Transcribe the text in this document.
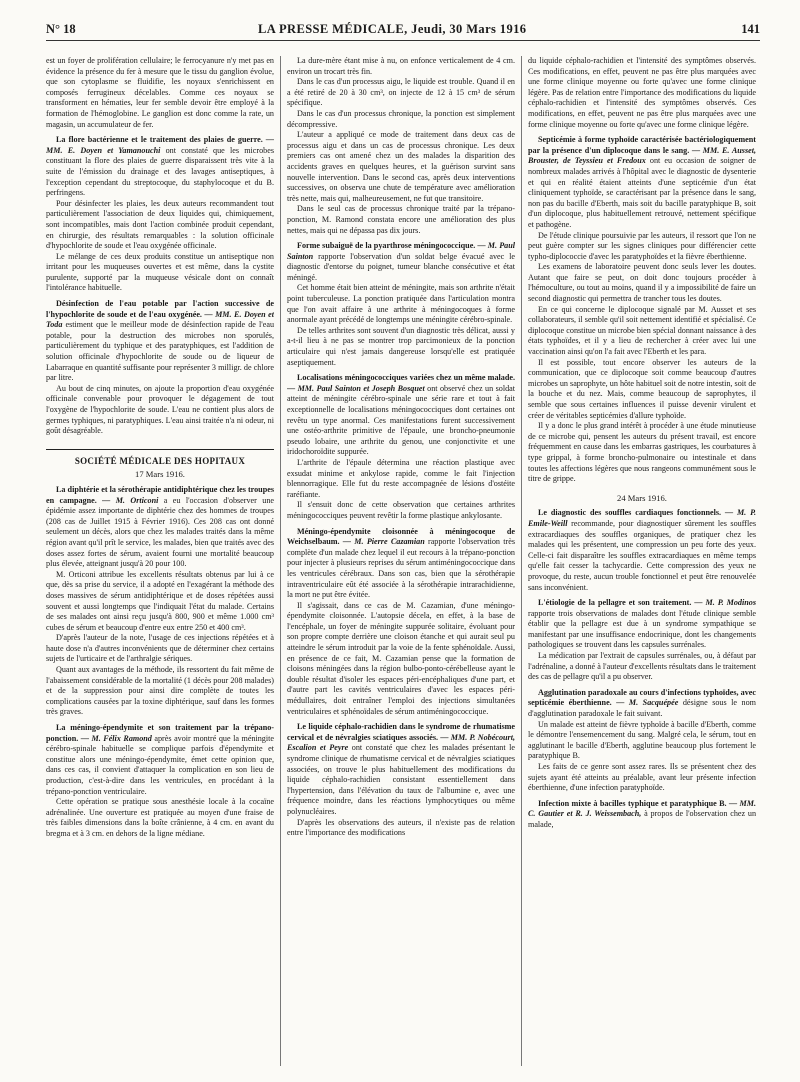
N° 18	LA PRESSE MÉDICALE, Jeudi, 30 Mars 1916	141

est un foyer de prolifération cellulaire; le ferrocyanure n'y met pas en évidence la présence du fer à mesure que le tissu du ganglion évolue, que son cytoplasme se fluidifie, les noyaux s'enrichissent en composés ferrugineux décelables. Comme ces noyaux se transforment en hématies, leur fer semble devoir être employé à la formation de l'hémoglobine. Le ganglion est donc comme la rate, un magasin, un accumulateur de fer.

La flore bactérienne et le traitement des plaies de guerre. — MM. E. Doyen et Yamanouchi ont constaté que les microbes constituant la flore des plaies de guerre disparaissent très vite à la suite de l'émission du drainage et des lavages antiseptiques, à l'exception cependant du streptocoque, du staphylocoque et du B. perfringens.

Pour désinfecter les plaies, les deux auteurs recommandent tout particulièrement l'association de deux liquides qui, chimiquement, sont incompatibles, mais dont l'action combinée produit cependant, en chirurgie, des résultats remarquables : la solution officinale d'hypochlorite de soude et l'eau oxygénée officinale.

Le mélange de ces deux produits constitue un antiseptique non irritant pour les muqueuses ouvertes et est même, dans la cystite purulente, supporté par la muqueuse vésicale dont on connaît l'intolérance habituelle.

Désinfection de l'eau potable par l'action successive de l'hypochlorite de soude et de l'eau oxygénée. — MM. E. Doyen et Toda estiment que le meilleur mode de désinfection rapide de l'eau potable, pour la destruction des microbes non sporulés, particulièrement du typhique et des paratyphiques, est l'addition de solution officinale d'hypochlorite de soude ou de liqueur de Labarraque en quantité suffisante pour représenter 3 milligr. de chlore par litre.

Au bout de cinq minutes, on ajoute la proportion d'eau oxygénée officinale convenable pour provoquer le dégagement de tout l'oxygène de l'hypochlorite de soude. L'eau ne contient plus alors de germes typhiques, ni paratyphiques. L'eau ainsi traitée n'a ni odeur, ni goût désagréable.

SOCIÉTÉ MÉDICALE DES HOPITAUX
17 Mars 1916.

La diphtérie et la sérothérapie antidiphtérique chez les troupes en campagne. — M. Orticoni a eu l'occasion d'observer une épidémie assez importante de diphtérie chez des hommes de troupes (208 cas de Juillet 1915 à Février 1916). Ces 208 cas ont donné seulement un décès, alors que chez les malades traités dans la même région avant qu'il prît le service, les malades, bien que traités avec des doses assez fortes de sérum, avaient fourni une mortalité beaucoup plus élevée, atteignant jusqu'à 20 pour 100.

M. Orticoni attribue les excellents résultats obtenus par lui à ce que, dès sa prise du service, il a adopté en l'exagérant la méthode des doses massives de sérum antidiphtérique et de doses répétées aussi souvent et aussi longtemps que l'indiquait l'état du malade. Certains de ses malades ont ainsi reçu jusqu'à 800, 900 et même 1.000 cm³ cubes de sérum et beaucoup d'entre eux entre 250 et 400 cm³.

D'après l'auteur de la note, l'usage de ces injections répétées et à haute dose n'a d'autres inconvénients que de déterminer chez certains sujets de l'urticaire et de l'arthralgie sériques.

Quant aux avantages de la méthode, ils ressortent du fait même de l'abaissement considérable de la mortalité (1 décès pour 208 malades) et de la suppression pour ainsi dire complète de toutes les complications causées par la toxine diphtérique, sauf dans les formes très graves.

La méningo-épendymite et son traitement par la trépano-ponction. — M. Félix Ramond après avoir montré que la méningite cérébro-spinale habituelle se complique parfois d'épendymite et constitue alors une méningo-épendymite, émet cette opinion que, dans ces cas, il convient d'attaquer la complication en son lieu de production, c'est-à-dire dans les ventricules, en procédant à la trépano-ponction ventriculaire.

Cette opération se pratique sous anesthésie locale à la cocaïne adrénalinée. Une ouverture est pratiquée au moyen d'une fraise de très faibles dimensions dans la boîte crânienne, à 4 cm. en avant du bregma et à 3 cm. en dehors de la ligne médiane.

La dure-mère étant mise à nu, on enfonce verticalement de 4 cm. environ un trocart très fin.

Dans le cas d'un processus aigu, le liquide est trouble. Quand il en a été retiré de 20 à 30 cm³, on injecte de 12 à 15 cm³ de sérum spécifique.

Dans le cas d'un processus chronique, la ponction est simplement décompressive.

L'auteur a appliqué ce mode de traitement dans deux cas de processus aigu et dans un cas de processus chronique. Les deux premiers cas ont amené chez un des malades la disparition des accidents graves en quelques heures, et la guérison survint sans nouvelle intervention. Dans le second cas, après deux interventions successives, on observa une chute de température avec amélioration très nette, mais qui, malheureusement, ne fut que transitoire.

Dans le seul cas de processus chronique traité par la trépano-ponction, M. Ramond constata encore une amélioration des plus nettes, mais qui ne dépassa pas dix jours.

Forme subaiguë de la pyarthrose méningococcique. — M. Paul Sainton rapporte l'observation d'un soldat belge évacué avec le diagnostic d'entorse du poignet, tumeur blanche consécutive et état méningé.

Cet homme était bien atteint de méningite, mais son arthrite n'était point tuberculeuse. La ponction pratiquée dans l'articulation montra que l'on avait affaire à une arthrite à méningocoques à forme anormale ayant précédé de longtemps une méningite cérébro-spinale.

De telles arthrites sont souvent d'un diagnostic très délicat, aussi y a-t-il lieu à ne pas se montrer trop parcimonieux de la ponction articulaire qui n'est jamais dangereuse lorsqu'elle est pratiquée aseptiquement.

Localisations méningococciques variées chez un même malade. — MM. Paul Sainton et Joseph Bosquet ont observé chez un soldat atteint de méningite cérébro-spinale une série rare et tout à fait exceptionnelle de localisations méningococciques dont certaines ont revêtu un type anormal. Ces manifestations furent successivement une ostéo-arthrite primitive de l'épaule, une broncho-pneumonie pseudo lobaire, une arthrite du genou, une conjonctivite et une iridochoroïdite suppurée.

L'arthrite de l'épaule détermina une réaction plastique avec exsudat minime et ankylose rapide, comme le fait l'injection blennorragique. Elle fut du reste accompagnée de lésions d'ostéite raréfiante.

Il s'ensuit donc de cette observation que certaines arthrites méningococciques peuvent revêtir la forme plastique ankylosante.

Méningo-épendymite cloisonnée à méningocoque de Weichselbaum. — M. Pierre Cazamian rapporte l'observation très complète d'un malade chez lequel il eut recours à la trépano-ponction pour injecter à plusieurs reprises du sérum antiméningococcique dans les ventricules cérébraux. Dans son cas, bien que la sérothérapie intraventriculaire eût été associée à la sérothérapie intrarachidienne, la mort ne put être évitée.

Il s'agissait, dans ce cas de M. Cazamian, d'une méningo-épendymite cloisonnée. L'autopsie décela, en effet, à la base de l'encéphale, un foyer de méningite suppurée solitaire, évoluant pour son propre compte derrière une cloison étanche et qui aurait seul pu atteindre le sérum introduit par la voie de la fente sphénoïdale. Aussi, en présence de ce fait, M. Cazamian pense que la formation de cloisons méningées dans la région bulbo-ponto-cérébelleuse ayant le double résultat d'isoler les espaces péri-encéphaliques d'une part, et d'autre part les cavités ventriculaires d'avec les espaces péri-médullaires, doit entraîner l'emploi des injections simultanées ventriculaires et sphénoïdales de sérum antiméningococcique.

Le liquide céphalo-rachidien dans le syndrome de rhumatisme cervical et de névralgies sciatiques associés. — MM. P. Nobécourt, Escalion et Peyre ont constaté que chez les malades présentant le syndrome clinique de rhumatisme cervical et de névralgies sciatiques associées, on trouve le plus habituellement des modifications du liquide céphalo-rachidien consistant essentiellement dans l'hypertension, dans l'élévation du taux de l'albumine e, avec une fréquence moindre, dans les réactions lymphocytiques ou même polynucléaires.

D'après les observations des auteurs, il n'existe pas de relation entre l'importance des modifications

du liquide céphalo-rachidien et l'intensité des symptômes observés. Ces modifications, en effet, peuvent ne pas être plus marquées avec une forme clinique moyenne ou forte qu'avec une forme clinique légère. Pas de relation entre l'importance des modifications du liquide céphalo-rachidien et l'intensité des symptômes observés. Ces modifications, en effet, peuvent ne pas être plus marquées avec une forme clinique moyenne ou forte qu'avec une forme clinique légère.

Septicémie à forme typhoïde caractérisée bactériologiquement par la présence d'un diplocoque dans le sang. — MM. E. Ausset, Brouster, de Teyssieu et Fredoux ont eu occasion de soigner de nombreux malades arrivés à l'hôpital avec le diagnostic de dysenterie et qui en réalité étaient atteints d'une septicémie d'un état cliniquement typhoïde, se caractérisant par la présence dans le sang, non pas du bacille d'Eberth, mais soit du bacille paratyphique B, soit d'un diplocoque, plus habituellement retrouvé, nettement spécifique et pathogène.

De l'étude clinique poursuivie par les auteurs, il ressort que l'on ne peut guère compter sur les signes cliniques pour différencier cette typho-diplococcie d'avec les paratyphoïdes et la fièvre éberthienne.

Les examens de laboratoire peuvent donc seuls lever les doutes. Autant que faire se peut, on doit donc toujours procéder à l'hémoculture, ou tout au moins, quand il y a impossibilité de faire un second diagnostic qui permettra de trancher tous les doutes.

En ce qui concerne le diplocoque signalé par M. Ausset et ses collaborateurs, il semble qu'il soit nettement identifié et spécialisé. Ce diplocoque constitue un microbe bien spécial donnant naissance à des états typhoïdes, et il y a lieu de rechercher à créer avec lui une vaccination ainsi qu'on l'a fait avec l'Eberth et les para.

Il est possible, tout encore observer les auteurs de la communication, que ce diplocoque soit comme beaucoup d'autres microbes un saprophyte, un hôte habituel soit de notre intestin, soit de la bouche et du nez. Mais, comme beaucoup de saprophytes, il semble que sous certaines influences il puisse devenir virulent et créer de véritables septicémies d'allure typhoïde.

Il y a donc le plus grand intérêt à procéder à une étude minutieuse de ce microbe qui, pensent les auteurs du présent travail, est encore fréquemment en cause dans les embarras gastriques, les courbatures à type grippal, à forme broncho-pulmonaire ou intestinale et dans toutes les affections légères que nous rangeons communément sous le titre de grippe.

24 Mars 1916.

Le diagnostic des souffles cardiaques fonctionnels. — M. P. Emile-Weill recommande, pour diagnostiquer sûrement les souffles extracardiaques des souffles organiques, de pratiquer chez les malades qui les présentent, une compression un peu forte des yeux. Celle-ci fait disparaître les souffles extracardiaques en même temps qu'elle fait cesser la tachycardie. Cette compression des yeux ne provoque, du reste, aucun trouble fonctionnel et peut être renouvelée sans inconvénient.

L'étiologie de la pellagre et son traitement. — M. P. Modinos rapporte trois observations de malades dont l'étude clinique semble établir que la pellagre est due à un syndrome sympathique se manifestant par une insuffisance endocrinique, dont les changements pathologiques se trouvent dans les capsules surrénales.

La médication par l'extrait de capsules surrénales, ou, à défaut par l'adrénaline, a donné à l'auteur d'excellents résultats dans le traitement des cas de pellagre qu'il a pu observer.

Agglutination paradoxale au cours d'infections typhoïdes, avec septicémie éberthienne. — M. Sacquépée désigne sous le nom d'agglutination paradoxale le fait suivant.

Un malade est atteint de fièvre typhoïde à bacille d'Eberth, comme le démontre l'ensemencement du sang. Malgré cela, le sérum, tout en agglutinant le bacille d'Eberth, agglutine beaucoup plus fortement le paratyphique B.

Les faits de ce genre sont assez rares. Ils se présentent chez des sujets ayant été atteints au préalable, avant leur présente infection éberthienne, d'une infection paratyphoïde.

Infection mixte à bacilles typhique et paratyphique B. — MM. C. Gautier et R. J. Weissembach, à propos de l'observation chez un malade,
